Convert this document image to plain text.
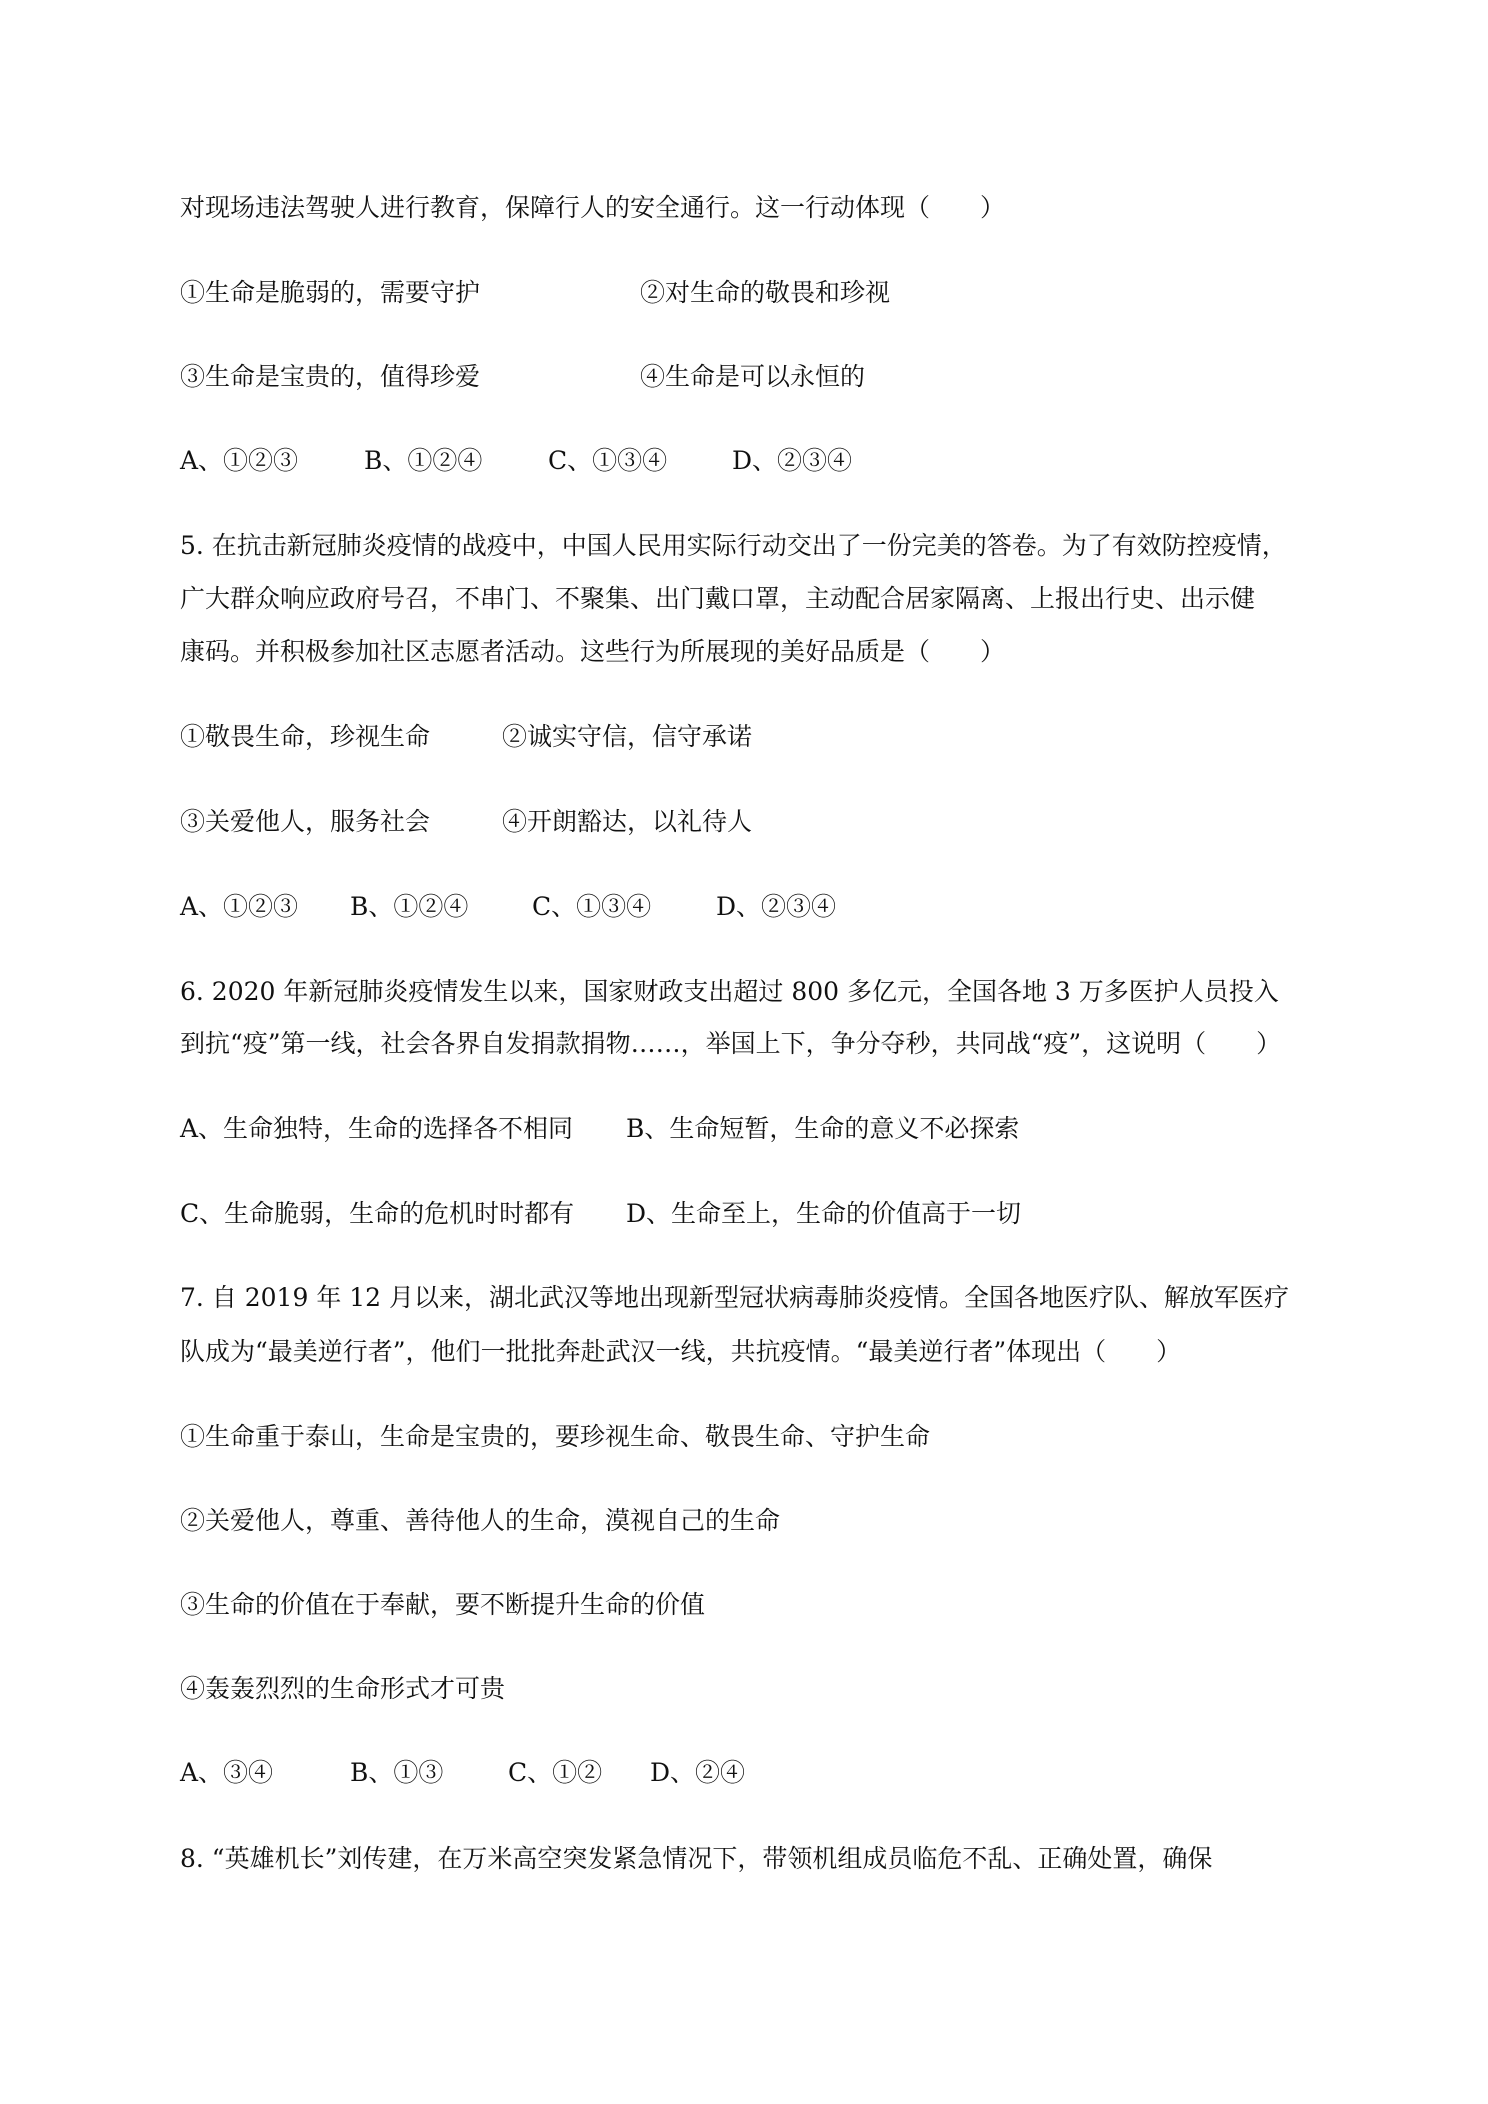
对现场违法驾驶人进行教育，保障行人的安全通行。这一行动体现（　　）
①生命是脆弱的，需要守护	②对生命的敬畏和珍视
③生命是宝贵的，值得珍爱	④生命是可以永恒的
A、①②③	B、①②④	C、①③④	D、②③④
5. 在抗击新冠肺炎疫情的战疫中，中国人民用实际行动交出了一份完美的答卷。为了有效防控疫情，
广大群众响应政府号召，不串门、不聚集、出门戴口罩，主动配合居家隔离、上报出行史、出示健
康码。并积极参加社区志愿者活动。这些行为所展现的美好品质是（　　）
①敬畏生命，珍视生命	②诚实守信，信守承诺
③关爱他人，服务社会	④开朗豁达，以礼待人
A、①②③ B、①②④	C、①③④	D、②③④
6. 2020 年新冠肺炎疫情发生以来，国家财政支出超过 800 多亿元，全国各地 3 万多医护人员投入
到抗“疫”第一线，社会各界自发捐款捐物……，举国上下，争分夺秒，共同战“疫”，这说明（　　）
A、生命独特，生命的选择各不相同 B、生命短暂，生命的意义不必探索
C、生命脆弱，生命的危机时时都有 D、生命至上，生命的价值高于一切
7. 自 2019 年 12 月以来，湖北武汉等地出现新型冠状病毒肺炎疫情。全国各地医疗队、解放军医疗
队成为“最美逆行者”，他们一批批奔赴武汉一线，共抗疫情。“最美逆行者”体现出（　　）
①生命重于泰山，生命是宝贵的，要珍视生命、敬畏生命、守护生命
②关爱他人，尊重、善待他人的生命，漠视自己的生命
③生命的价值在于奉献，要不断提升生命的价值
④轰轰烈烈的生命形式才可贵
A、③④	B、①③	C、①② D、②④
8. “英雄机长”刘传建，在万米高空突发紧急情况下，带领机组成员临危不乱、正确处置，确保
